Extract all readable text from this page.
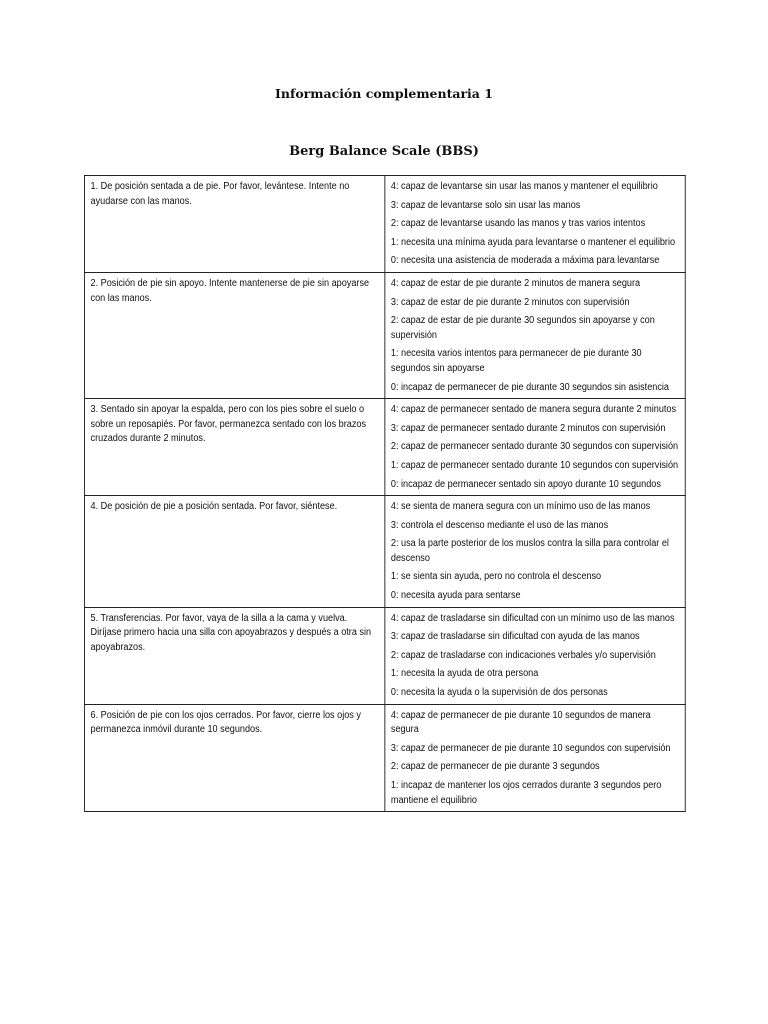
Información complementaria 1
Berg Balance Scale (BBS)
1. De posición sentada a de pie. Por favor, levántese. Intente no ayudarse con las manos.	4: capaz de levantarse sin usar las manos y mantener el equilibrio
3: capaz de levantarse solo sin usar las manos
2: capaz de levantarse usando las manos y tras varios intentos
1: necesita una mínima ayuda para levantarse o mantener el equilibrio
0: necesita una asistencia de moderada a máxima para levantarse

2. Posición de pie sin apoyo. Intente mantenerse de pie sin apoyarse con las manos.	4: capaz de estar de pie durante 2 minutos de manera segura
3: capaz de estar de pie durante 2 minutos con supervisión
2: capaz de estar de pie durante 30 segundos sin apoyarse y con supervisión
1: necesita varios intentos para permanecer de pie durante 30 segundos sin apoyarse
0: incapaz de permanecer de pie durante 30 segundos sin asistencia

3. Sentado sin apoyar la espalda, pero con los pies sobre el suelo o sobre un reposapiés. Por favor, permanezca sentado con los brazos cruzados durante 2 minutos.	4: capaz de permanecer sentado de manera segura durante 2 minutos
3: capaz de permanecer sentado durante 2 minutos con supervisión
2: capaz de permanecer sentado durante 30 segundos con supervisión
1: capaz de permanecer sentado durante 10 segundos con supervisión
0: incapaz de permanecer sentado sin apoyo durante 10 segundos

4. De posición de pie a posición sentada. Por favor, siéntese.	4: se sienta de manera segura con un mínimo uso de las manos
3: controla el descenso mediante el uso de las manos
2: usa la parte posterior de los muslos contra la silla para controlar el descenso
1: se sienta sin ayuda, pero no controla el descenso
0: necesita ayuda para sentarse

5. Transferencias. Por favor, vaya de la silla a la cama y vuelva. Diríjase primero hacia una silla con apoyabrazos y después a otra sin apoyabrazos.	4: capaz de trasladarse sin dificultad con un mínimo uso de las manos
3: capaz de trasladarse sin dificultad con ayuda de las manos
2: capaz de trasladarse con indicaciones verbales y/o supervisión
1: necesita la ayuda de otra persona
0: necesita la ayuda o la supervisión de dos personas

6. Posición de pie con los ojos cerrados. Por favor, cierre los ojos y permanezca inmóvil durante 10 segundos.	4: capaz de permanecer de pie durante 10 segundos de manera segura
3: capaz de permanecer de pie durante 10 segundos con supervisión
2: capaz de permanecer de pie durante 3 segundos
1: incapaz de mantener los ojos cerrados durante 3 segundos pero mantiene el equilibrio
